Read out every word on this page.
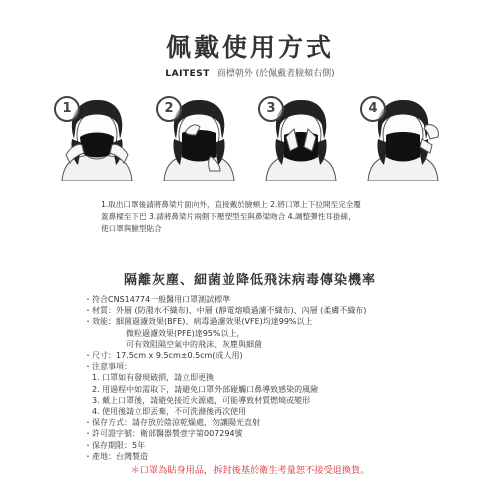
佩戴使用方式
LAITEST 商標朝外 (於佩戴者臉頰右側)
1	2	3	4
1.取出口罩後請將鼻梁片面向外，直接戴於臉頰上 2.將口罩上下拉開至完全覆
蓋鼻樑至下巴 3.請將鼻梁片兩側下壓塑型至與鼻梁吻合 4.調整彈性耳掛線，
使口罩與臉型貼合
隔離灰塵、細菌並降低飛沫病毒傳染機率
・符合CNS14774一般醫用口罩測試標準
・材質：外層 (防潑水不織布)、中層 (靜電熔噴過濾不織布)、內層 (柔膚不織布)
・效能：細菌過濾效果(BFE)、病毒過濾效果(VFE)均達99%以上
微粒過濾效果(PFE)達95%以上，
可有效阻隔空氣中的飛沫、灰塵與細菌
・尺寸：17.5cm x 9.5cm±0.5cm(成人用)
・注意事項：
1. 口罩如有發現破損，請立即更換
2. 用過程中如需取下，請避免口罩外部碰觸口鼻導致感染的風險
3. 戴上口罩後，請避免接近火源處，可能導致材質燃燒或變形
4. 使用後請立即丟棄，不可洗滌後再次使用
・保存方式：請存放於陰涼乾燥處，勿讓陽光直射
・許可證字號：衛部醫器製壹字第007294號
・保存期限：5年
・產地：台灣製造
＊口罩為貼身用品，拆封後基於衛生考量恕不接受退換貨。
